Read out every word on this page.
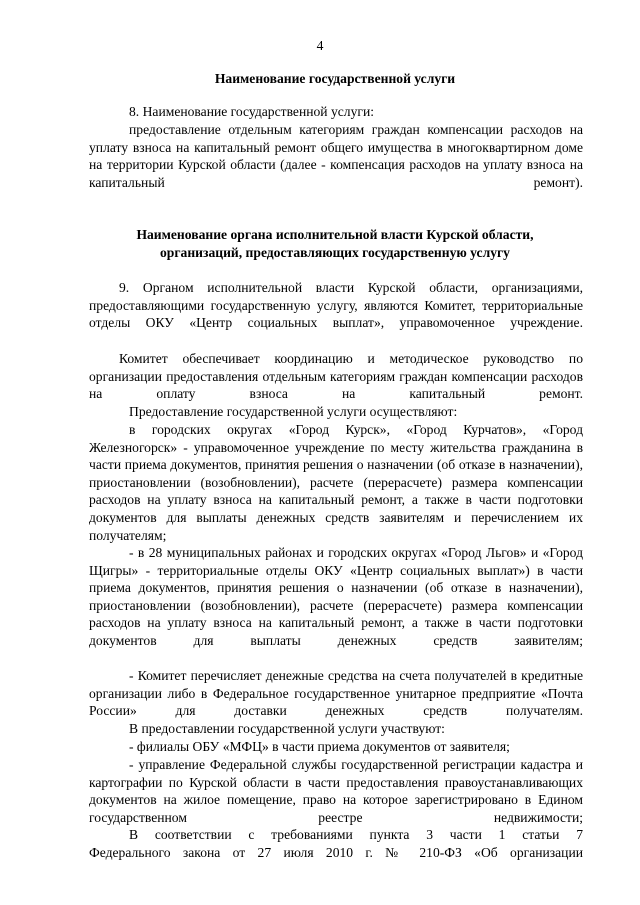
4

Наименование государственной услуги

8. Наименование государственной услуги:

предоставление отдельным категориям граждан компенсации расходов на уплату взноса на капитальный ремонт общего имущества в многоквартирном доме на территории Курской области (далее - компенсация расходов на уплату взноса на капитальный ремонт).

Наименование органа исполнительной власти Курской области,

организаций, предоставляющих государственную услугу

9. Органом исполнительной власти Курской области, организациями, предоставляющими государственную услугу, являются Комитет, территориальные отделы ОКУ «Центр социальных выплат», управомоченное учреждение.

Комитет обеспечивает координацию и методическое руководство по организации предоставления отдельным категориям граждан компенсации расходов на оплату взноса на капитальный ремонт.

Предоставление государственной услуги осуществляют:

в городских округах «Город Курск», «Город Курчатов», «Город Железногорск» - управомоченное учреждение по месту жительства гражданина в части приема документов, принятия решения о назначении (об отказе в назначении), приостановлении (возобновлении), расчете (перерасчете) размера компенсации расходов на уплату взноса на капитальный ремонт, а также в части подготовки документов для выплаты денежных средств заявителям и перечислением их получателям;

- в 28 муниципальных районах и городских округах «Город Льгов» и «Город Щигры» - территориальные отделы ОКУ «Центр социальных выплат») в части приема документов, принятия решения о назначении (об отказе в назначении), приостановлении (возобновлении), расчете (перерасчете) размера компенсации расходов на уплату взноса на капитальный ремонт, а также в части подготовки документов для выплаты денежных средств заявителям;

- Комитет перечисляет денежные средства на счета получателей в кредитные организации либо в Федеральное государственное унитарное предприятие «Почта России» для доставки денежных средств получателям.

В предоставлении государственной услуги участвуют:

- филиалы ОБУ «МФЦ» в части приема документов от заявителя;

- управление Федеральной службы государственной регистрации кадастра и картографии по Курской области в части предоставления правоустанавливающих документов на жилое помещение, право на которое зарегистрировано в Едином государственном реестре недвижимости;

В соответствии с требованиями пункта 3 части 1 статьи 7

Федерального закона от 27 июля 2010 г. № 210-ФЗ «Об организации
